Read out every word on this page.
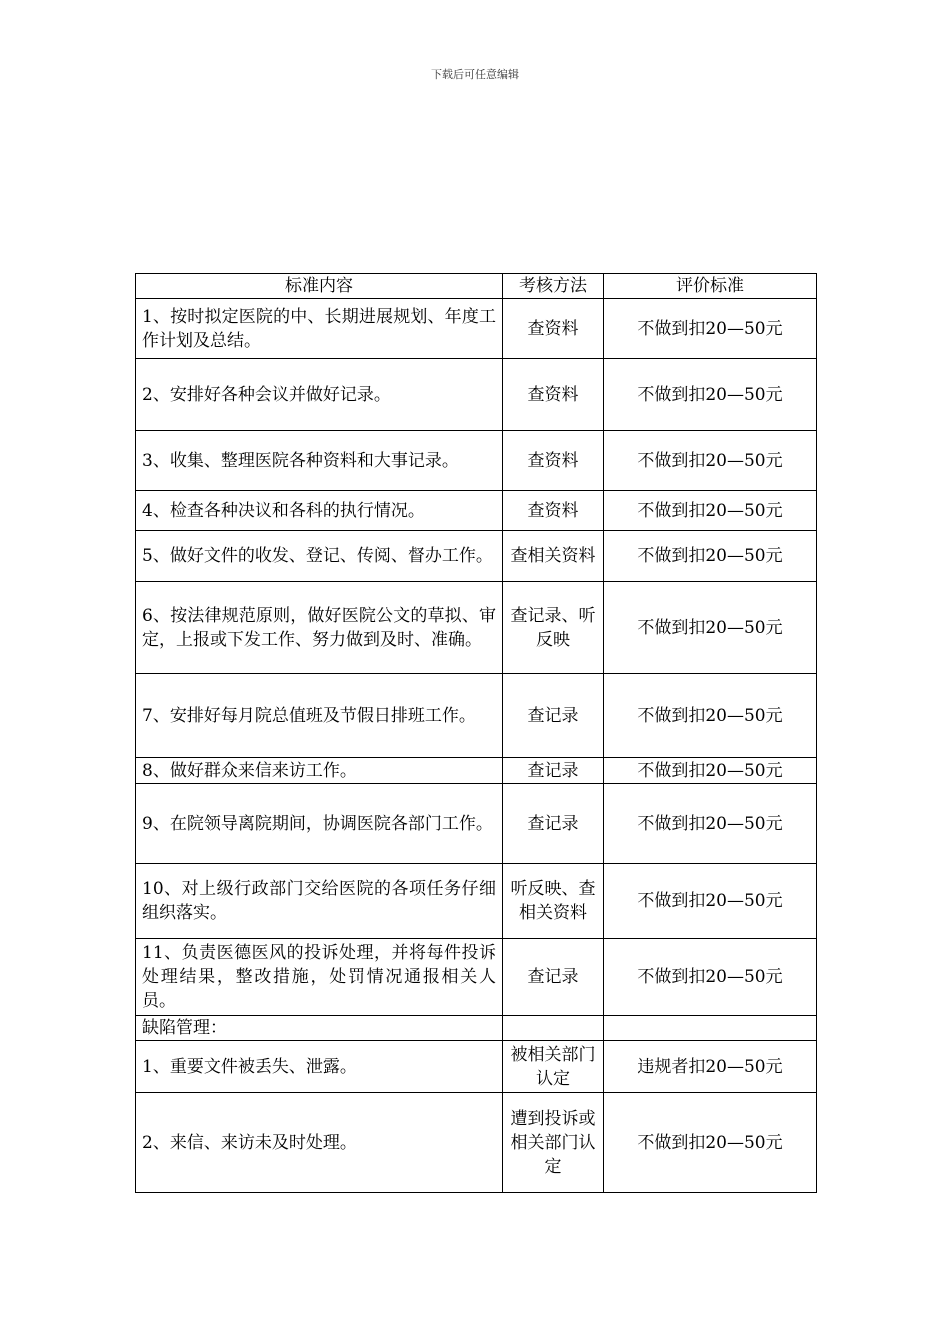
下载后可任意编辑
标准内容	考核方法	评价标准
1、按时拟定医院的中、长期进展规划、年度工作计划及总结。	查资料	不做到扣20—50元
2、安排好各种会议并做好记录。	查资料	不做到扣20—50元
3、收集、整理医院各种资料和大事记录。	查资料	不做到扣20—50元
4、检查各种决议和各科的执行情况。	查资料	不做到扣20—50元
5、做好文件的收发、登记、传阅、督办工作。	查相关资料	不做到扣20—50元
6、按法律规范原则，做好医院公文的草拟、审定，上报或下发工作、努力做到及时、准确。	查记录、听反映	不做到扣20—50元
7、安排好每月院总值班及节假日排班工作。	查记录	不做到扣20—50元
8、做好群众来信来访工作。	查记录	不做到扣20—50元
9、在院领导离院期间，协调医院各部门工作。	查记录	不做到扣20—50元
10、对上级行政部门交给医院的各项任务仔细组织落实。	听反映、查相关资料	不做到扣20—50元
11、负责医德医风的投诉处理，并将每件投诉处理结果，整改措施，处罚情况通报相关人员。	查记录	不做到扣20—50元
缺陷管理：		
1、重要文件被丢失、泄露。	被相关部门认定	违规者扣20—50元
2、来信、来访未及时处理。	遭到投诉或相关部门认定	不做到扣20—50元
